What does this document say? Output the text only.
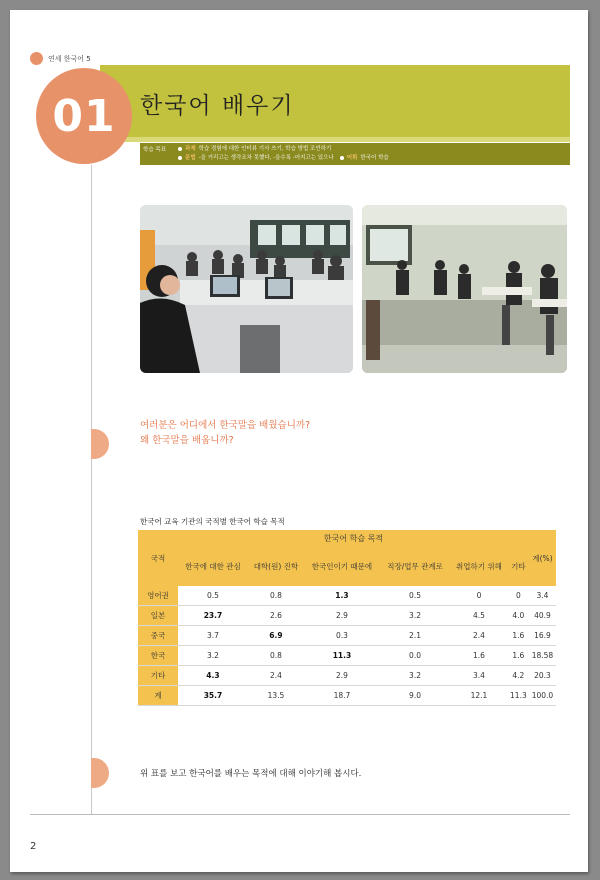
연세 한국어 5
01 한국어 배우기
학습 목표	과제 학습 경험에 대한 인터뷰 기사 쓰기, 학습 방법 조언하기
문법 -을 거리고는 생각조차 못했다, -을수록 -어지고는 있으나 어휘 한국어 학습
여러분은 어디에서 한국말을 배웠습니까?
왜 한국말을 배웁니까?
한국어 교육 기관의 국적별 한국어 학습 목적
국적	한국어 학습 목적						계(%)
	한국에 대한 관심	대학(원) 진학	한국인이기 때문에	직장/업무 관계로	취업하기 위해	기타	
영어권	0.5	0.8	1.3	0.5	0	0	3.4
일본	23.7	2.6	2.9	3.2	4.5	4.0	40.9
중국	3.7	6.9	0.3	2.1	2.4	1.6	16.9
한국	3.2	0.8	11.3	0.0	1.6	1.6	18.58
기타	4.3	2.4	2.9	3.2	3.4	4.2	20.3
계	35.7	13.5	18.7	9.0	12.1	11.3	100.0
위 표를 보고 한국어를 배우는 목적에 대해 이야기해 봅시다.
2
